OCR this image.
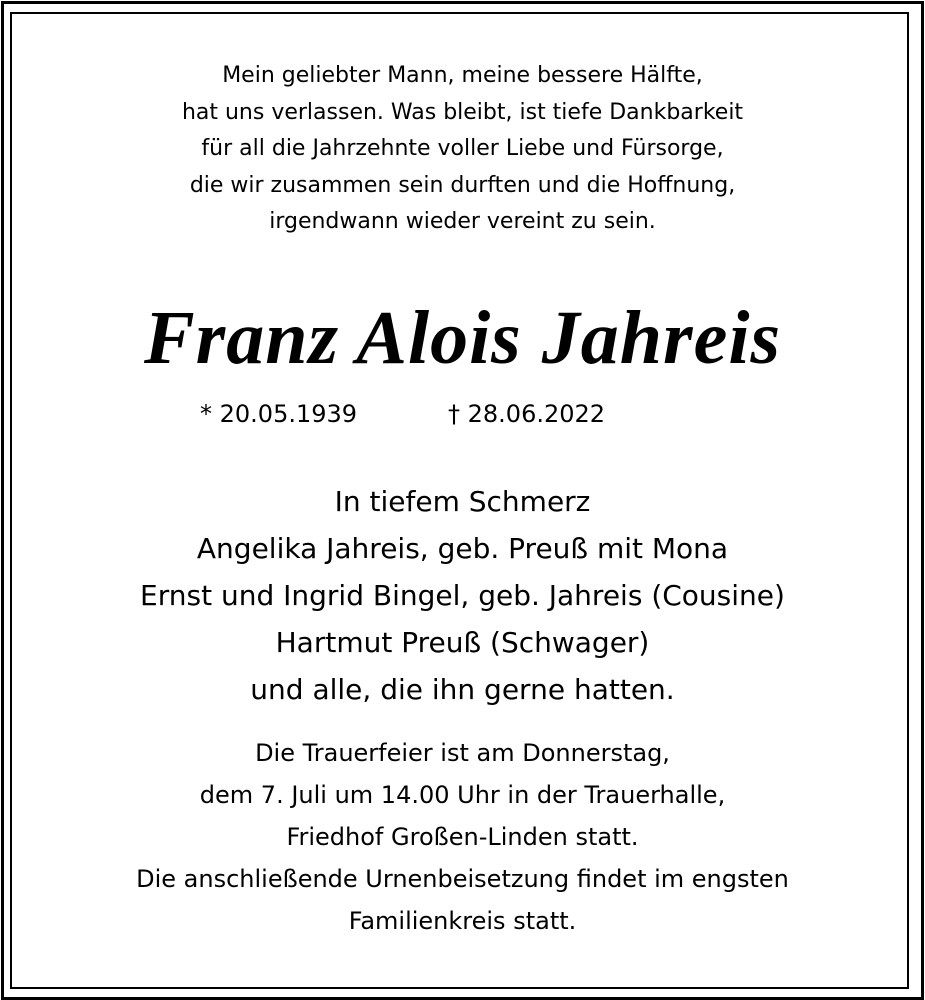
Mein geliebter Mann, meine bessere Hälfte,
hat uns verlassen. Was bleibt, ist tiefe Dankbarkeit
für all die Jahrzehnte voller Liebe und Fürsorge,
die wir zusammen sein durften und die Hoffnung,
irgendwann wieder vereint zu sein.
Franz Alois Jahreis
* 20.05.1939	† 28.06.2022
In tiefem Schmerz
Angelika Jahreis, geb. Preuß mit Mona
Ernst und Ingrid Bingel, geb. Jahreis (Cousine)
Hartmut Preuß (Schwager)
und alle, die ihn gerne hatten.
Die Trauerfeier ist am Donnerstag,
dem 7. Juli um 14.00 Uhr in der Trauerhalle,
Friedhof Großen-Linden statt.
Die anschließende Urnenbeisetzung findet im engsten
Familienkreis statt.
